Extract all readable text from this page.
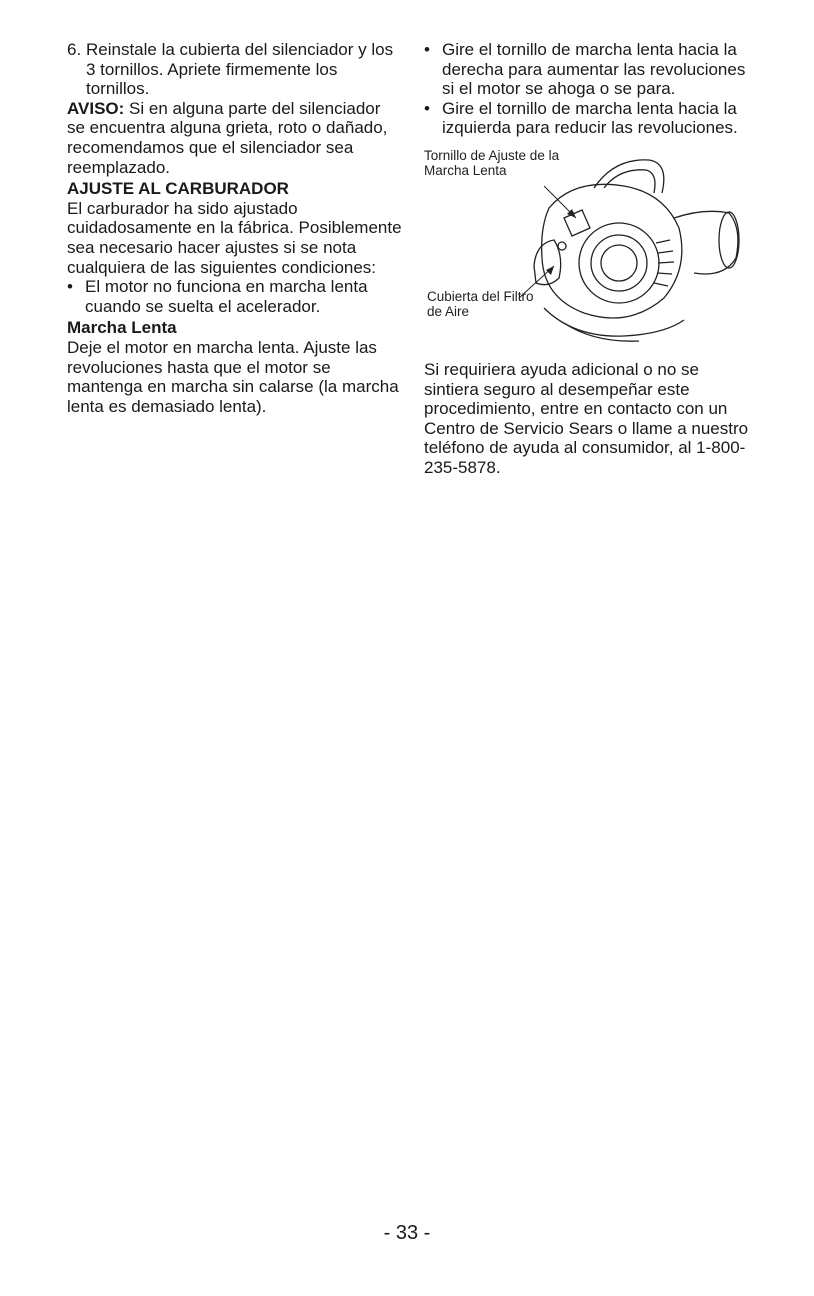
6. Reinstale la cubierta del silenciador y los 3 tornillos. Apriete firmemente los tornillos.

AVISO: Si en alguna parte del silenciador se encuentra alguna grieta, roto o dañado, recomendamos que el silenciador sea reemplazado.

AJUSTE AL CARBURADOR

El carburador ha sido ajustado cuidadosamente en la fábrica. Posiblemente sea necesario hacer ajustes si se nota cualquiera de las siguientes condiciones:

• El motor no funciona en marcha lenta cuando se suelta el acelerador.

Marcha Lenta

Deje el motor en marcha lenta. Ajuste las revoluciones hasta que el motor se mantenga en marcha sin calarse (la marcha lenta es demasiado lenta).

• Gire el tornillo de marcha lenta hacia la derecha para aumentar las revoluciones si el motor se ahoga o se para.
• Gire el tornillo de marcha lenta hacia la izquierda para reducir las revoluciones.
Tornillo de Ajuste de la Marcha Lenta
Cubierta del Filtro de Aire

Si requiriera ayuda adicional o no se sintiera seguro al desempeñar este procedimiento, entre en contacto con un Centro de Servicio Sears o llame a nuestro teléfono de ayuda al consumidor, al 1-800-235-5878.

- 33 -
